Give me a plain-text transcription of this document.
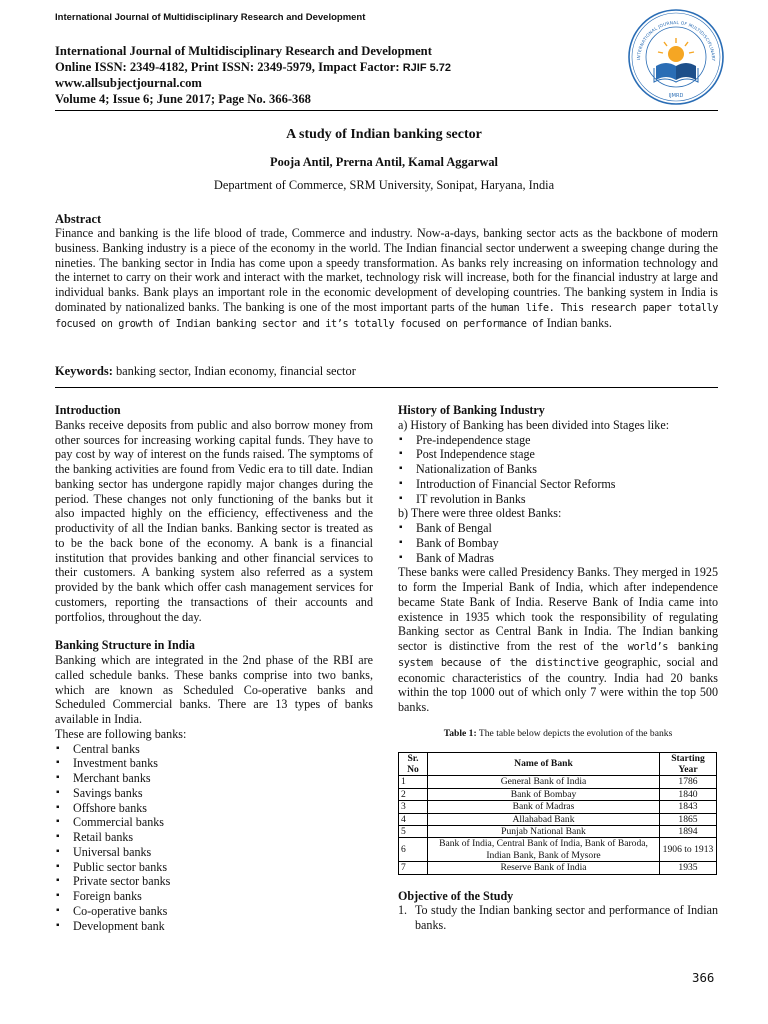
International Journal of Multidisciplinary Research and Development
International Journal of Multidisciplinary Research and Development
Online ISSN: 2349-4182, Print ISSN: 2349-5979, Impact Factor: RJIF 5.72
www.allsubjectjournal.com
Volume 4; Issue 6; June 2017; Page No. 366-368
INTERNATIONAL JOURNAL OF MULTIDISCIPLINARY
IJMRD
A study of Indian banking sector
Pooja Antil, Prerna Antil, Kamal Aggarwal
Department of Commerce, SRM University, Sonipat, Haryana, India
Abstract
Finance and banking is the life blood of trade, Commerce and industry. Now-a-days, banking sector acts as the backbone of modern business. Banking industry is a piece of the economy in the world. The Indian financial sector underwent a sweeping change during the nineties. The banking sector in India has come upon a speedy transformation. As banks rely increasing on information technology and the internet to carry on their work and interact with the market, technology risk will increase, both for the financial industry at large and individual banks. Bank plays an important role in the economic development of developing countries. The banking system in India is dominated by nationalized banks. The banking is one of the most important parts of the human life. This research paper totally focused on growth of Indian banking sector and it’s totally focused on performance of Indian banks.
Keywords: banking sector, Indian economy, financial sector
Introduction
Banks receive deposits from public and also borrow money from other sources for increasing working capital funds. They have to pay cost by way of interest on the funds raised. The symptoms of the banking activities are found from Vedic era to till date. Indian banking sector has undergone rapidly major changes during the period. These changes not only functioning of the banks but it also impacted highly on the efficiency, effectiveness and the productivity of all the Indian banks. Banking sector is treated as to be the back bone of the economy. A bank is a financial institution that provides banking and other financial services to their customers. A banking system also referred as a system provided by the bank which offer cash management services for customers, reporting the transactions of their accounts and portfolios, throughout the day.
Banking Structure in India
Banking which are integrated in the 2nd phase of the RBI are called schedule banks. These banks comprise into two banks, which are known as Scheduled Co-operative banks and Scheduled Commercial banks. There are 13 types of banks available in India.
These are following banks:
▪ Central banks
▪ Investment banks
▪ Merchant banks
▪ Savings banks
▪ Offshore banks
▪ Commercial banks
▪ Retail banks
▪ Universal banks
▪ Public sector banks
▪ Private sector banks
▪ Foreign banks
▪ Co-operative banks
▪ Development bank
History of Banking Industry
a) History of Banking has been divided into Stages like:
▪ Pre-independence stage
▪ Post Independence stage
▪ Nationalization of Banks
▪ Introduction of Financial Sector Reforms
▪ IT revolution in Banks
b) There were three oldest Banks:
▪ Bank of Bengal
▪ Bank of Bombay
▪ Bank of Madras
These banks were called Presidency Banks. They merged in 1925 to form the Imperial Bank of India, which after independence became State Bank of India. Reserve Bank of India came into existence in 1935 which took the responsibility of regulating Banking sector as Central Bank in India. The Indian banking sector is distinctive from the rest of the world’s banking system because of the distinctive geographic, social and economic characteristics of the country. India had 20 banks within the top 1000 out of which only 7 were within the top 500 banks.
Table 1: The table below depicts the evolution of the banks
Sr. No	Name of Bank	Starting Year
1	General Bank of India	1786
2	Bank of Bombay	1840
3	Bank of Madras	1843
4	Allahabad Bank	1865
5	Punjab National Bank	1894
6	Bank of India, Central Bank of India, Bank of Baroda, Indian Bank, Bank of Mysore	1906 to 1913
7	Reserve Bank of India	1935
Objective of the Study
1. To study the Indian banking sector and performance of Indian banks.
366
